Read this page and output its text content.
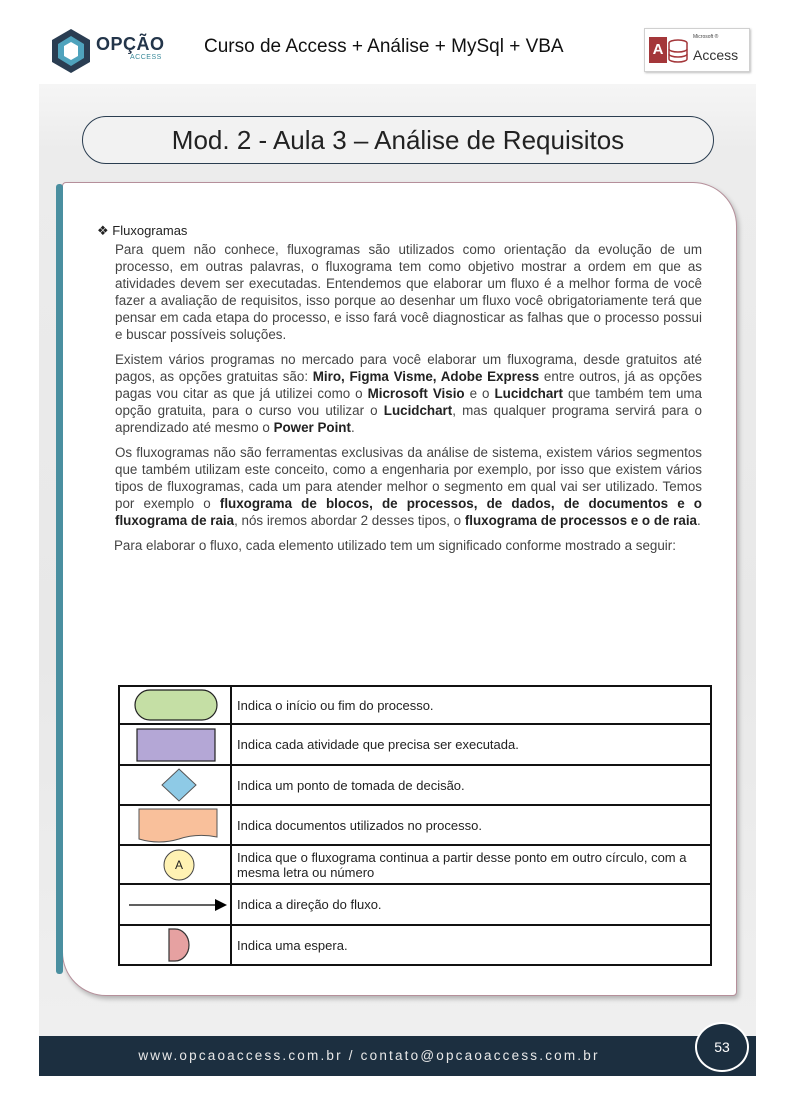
OPÇÃO
ACCESS
Curso de Access + Análise + MySql + VBA	A
Microsoft ®
Access
Mod. 2 - Aula 3 – Análise de Requisitos
❖ Fluxogramas

Para quem não conhece, fluxogramas são utilizados como orientação da evolução de um processo, em outras palavras, o fluxograma tem como objetivo mostrar a ordem em que as atividades devem ser executadas. Entendemos que elaborar um fluxo é a melhor forma de você fazer a avaliação de requisitos, isso porque ao desenhar um fluxo você obrigatoriamente terá que pensar em cada etapa do processo, e isso fará você diagnosticar as falhas que o processo possui e buscar possíveis soluções.

Existem vários programas no mercado para você elaborar um fluxograma, desde gratuitos até pagos, as opções gratuitas são: Miro, Figma Visme, Adobe Express entre outros, já as opções pagas vou citar as que já utilizei como o Microsoft Visio e o Lucidchart que também tem uma opção gratuita, para o curso vou utilizar o Lucidchart, mas qualquer programa servirá para o aprendizado até mesmo o Power Point.

Os fluxogramas não são ferramentas exclusivas da análise de sistema, existem vários segmentos que também utilizam este conceito, como a engenharia por exemplo, por isso que existem vários tipos de fluxogramas, cada um para atender melhor o segmento em qual vai ser utilizado. Temos por exemplo o fluxograma de blocos, de processos, de dados, de documentos e o fluxograma de raia, nós iremos abordar 2 desses tipos, o fluxograma de processos e o de raia.

Para elaborar o fluxo, cada elemento utilizado tem um significado conforme mostrado a seguir:

	Indica o início ou fim do processo.

	Indica cada atividade que precisa ser executada.

	Indica um ponto de tomada de decisão.

	Indica documentos utilizados no processo.

A	Indica que o fluxograma continua a partir desse ponto em outro círculo, com a mesma letra ou número

	Indica a direção do fluxo.

	Indica uma espera.
www.opcaoaccess.com.br / contato@opcaoaccess.com.br
53
